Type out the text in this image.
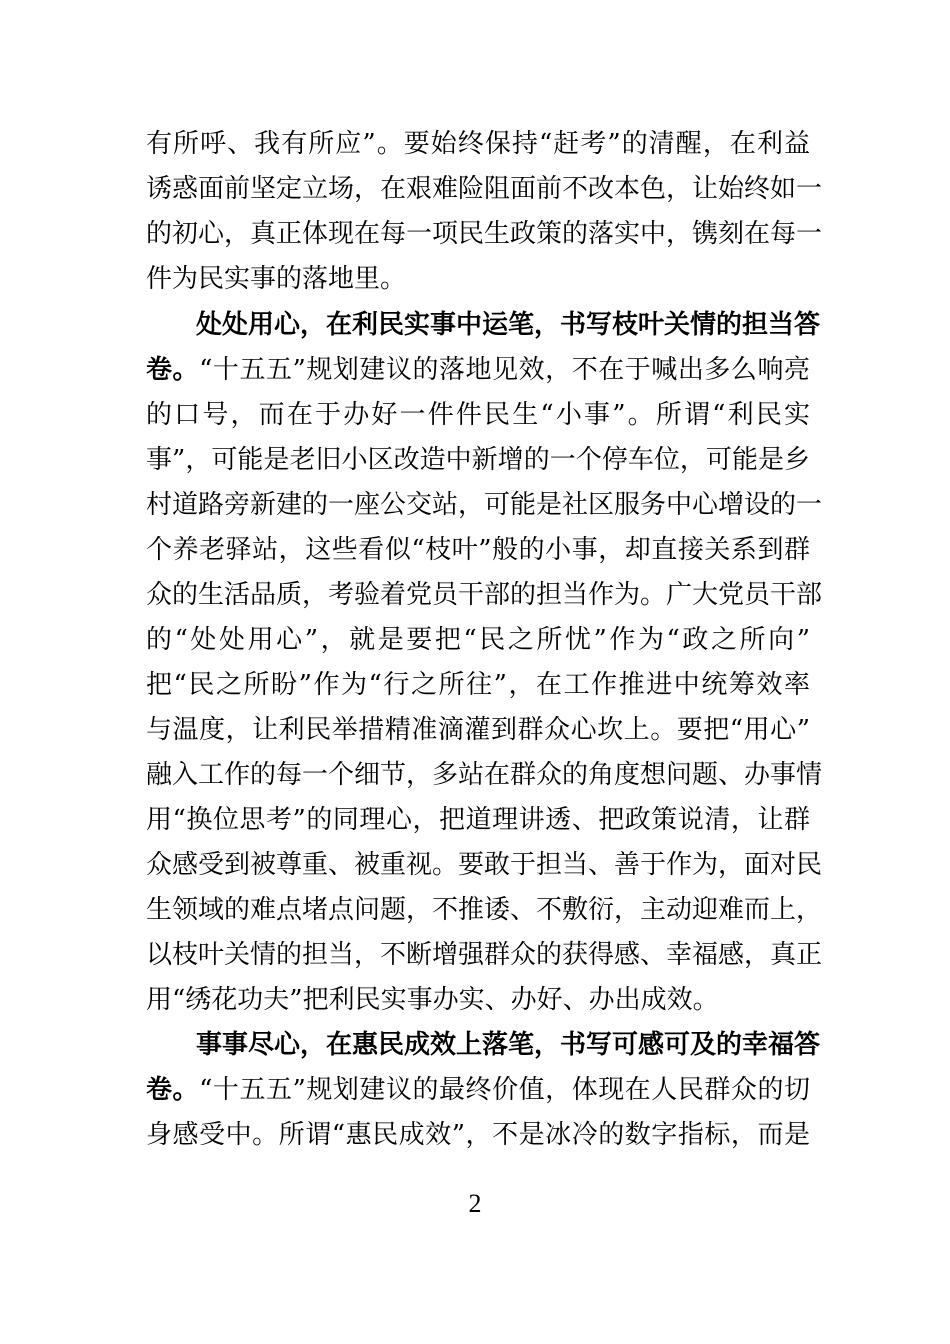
有所呼、我有所应”。要始终保持“赶考”的清醒，在利益
诱惑面前坚定立场，在艰难险阻面前不改本色，让始终如一
的初心，真正体现在每一项民生政策的落实中，镌刻在每一
件为民实事的落地里。
处处用心，在利民实事中运笔，书写枝叶关情的担当答
卷。“十五五”规划建议的落地见效，不在于喊出多么响亮
的口号，而在于办好一件件民生“小事”。所谓“利民实
事”，可能是老旧小区改造中新增的一个停车位，可能是乡
村道路旁新建的一座公交站，可能是社区服务中心增设的一
个养老驿站，这些看似“枝叶”般的小事，却直接关系到群
众的生活品质，考验着党员干部的担当作为。广大党员干部
的“处处用心”，就是要把“民之所忧”作为“政之所向”
把“民之所盼”作为“行之所往”，在工作推进中统筹效率
与温度，让利民举措精准滴灌到群众心坎上。要把“用心”
融入工作的每一个细节，多站在群众的角度想问题、办事情
用“换位思考”的同理心，把道理讲透、把政策说清，让群
众感受到被尊重、被重视。要敢于担当、善于作为，面对民
生领域的难点堵点问题，不推诿、不敷衍，主动迎难而上，
以枝叶关情的担当，不断增强群众的获得感、幸福感，真正
用“绣花功夫”把利民实事办实、办好、办出成效。
事事尽心，在惠民成效上落笔，书写可感可及的幸福答
卷。“十五五”规划建议的最终价值，体现在人民群众的切
身感受中。所谓“惠民成效”，不是冰冷的数字指标，而是
2
